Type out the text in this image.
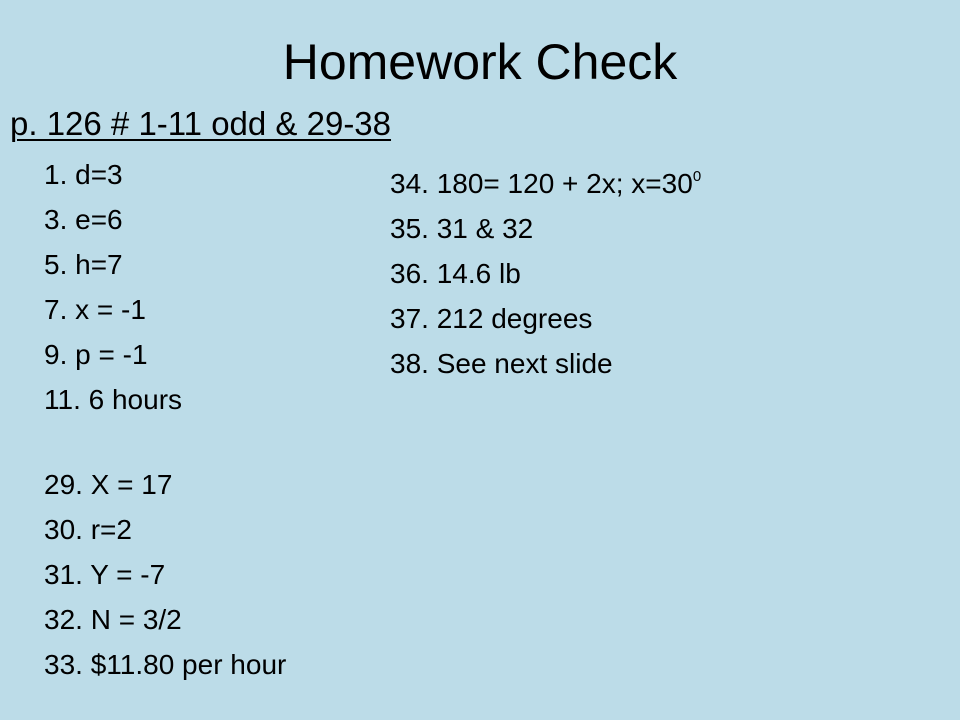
Homework Check
p. 126 # 1-11 odd & 29-38
1. d=3
3. e=6
5. h=7
7. x = -1
9. p = -1
11. 6 hours
29. X = 17
30. r=2
31. Y = -7
32. N = 3/2
33. $11.80 per hour
34. 180= 120 + 2x; $x=30^0$
35. 31 & 32
36. 14.6 lb
37. 212 degrees
38. See next slide
